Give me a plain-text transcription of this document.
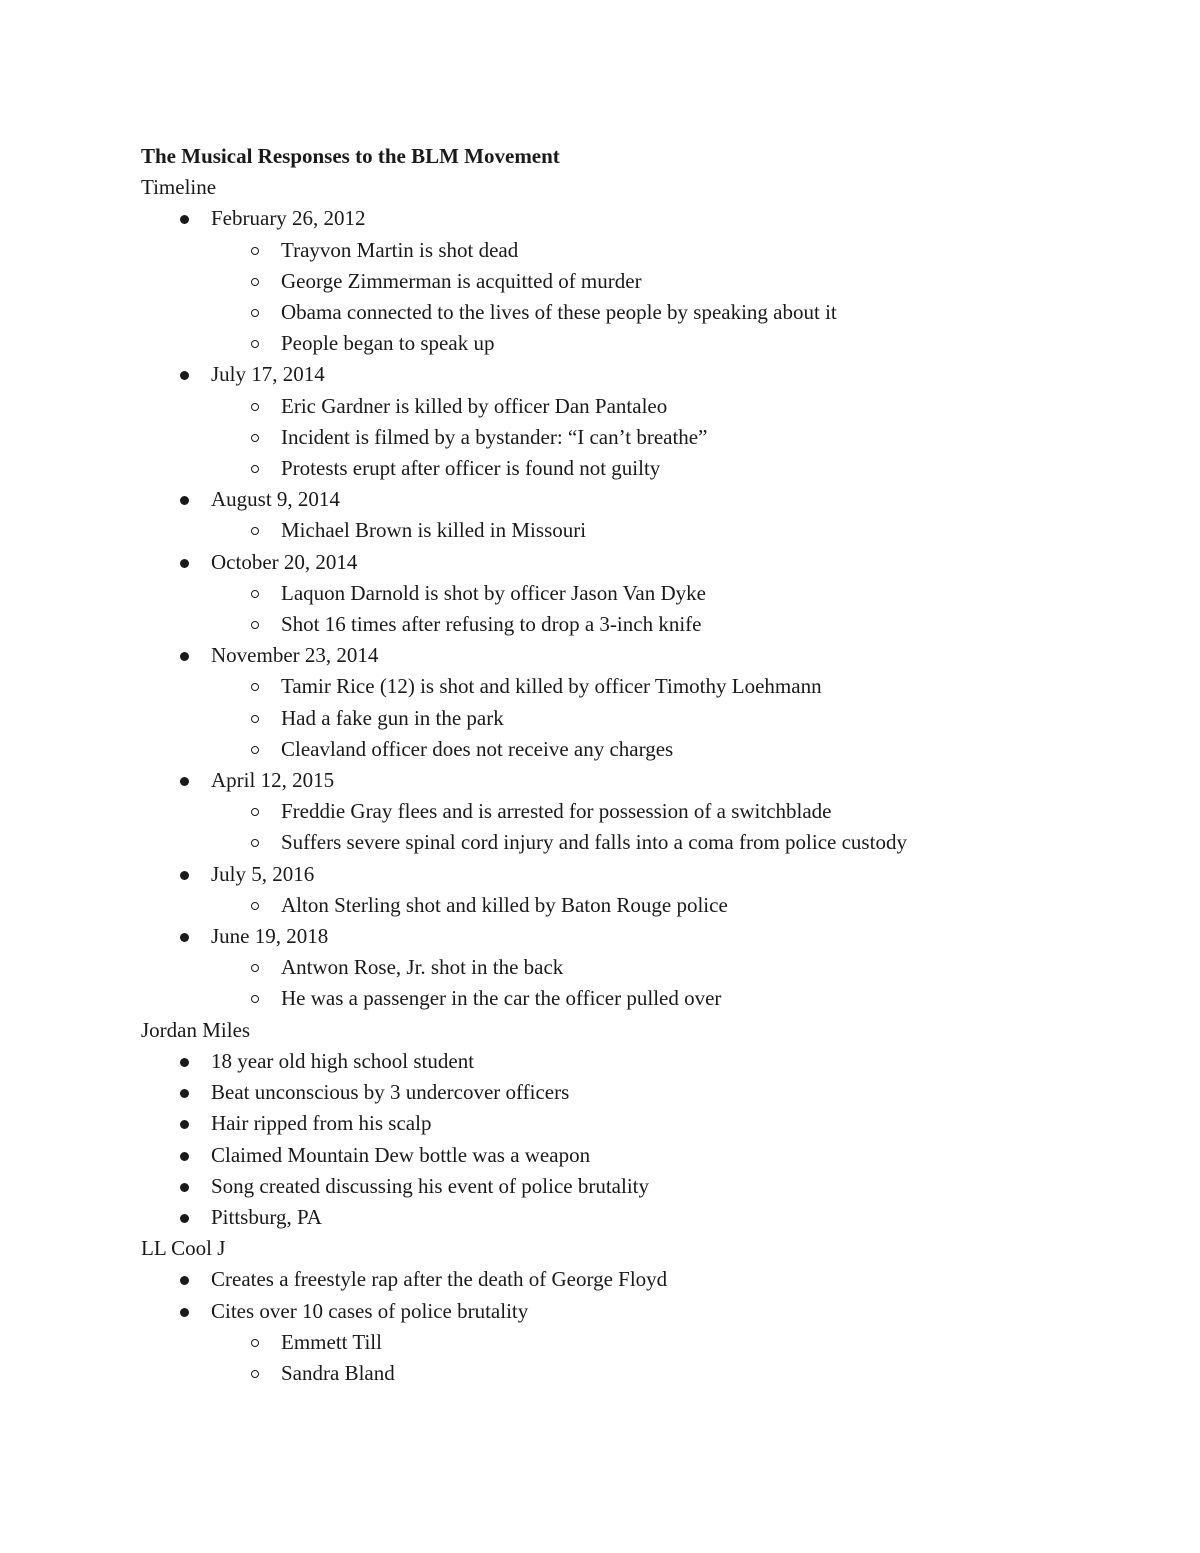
The Musical Responses to the BLM Movement
Timeline
February 26, 2012
Trayvon Martin is shot dead
George Zimmerman is acquitted of murder
Obama connected to the lives of these people by speaking about it
People began to speak up
July 17, 2014
Eric Gardner is killed by officer Dan Pantaleo
Incident is filmed by a bystander: “I can’t breathe”
Protests erupt after officer is found not guilty
August 9, 2014
Michael Brown is killed in Missouri
October 20, 2014
Laquon Darnold is shot by officer Jason Van Dyke
Shot 16 times after refusing to drop a 3-inch knife
November 23, 2014
Tamir Rice (12) is shot and killed by officer Timothy Loehmann
Had a fake gun in the park
Cleavland officer does not receive any charges
April 12, 2015
Freddie Gray flees and is arrested for possession of a switchblade
Suffers severe spinal cord injury and falls into a coma from police custody
July 5, 2016
Alton Sterling shot and killed by Baton Rouge police
June 19, 2018
Antwon Rose, Jr. shot in the back
He was a passenger in the car the officer pulled over
Jordan Miles
18 year old high school student
Beat unconscious by 3 undercover officers
Hair ripped from his scalp
Claimed Mountain Dew bottle was a weapon
Song created discussing his event of police brutality
Pittsburg, PA
LL Cool J
Creates a freestyle rap after the death of George Floyd
Cites over 10 cases of police brutality
Emmett Till
Sandra Bland
